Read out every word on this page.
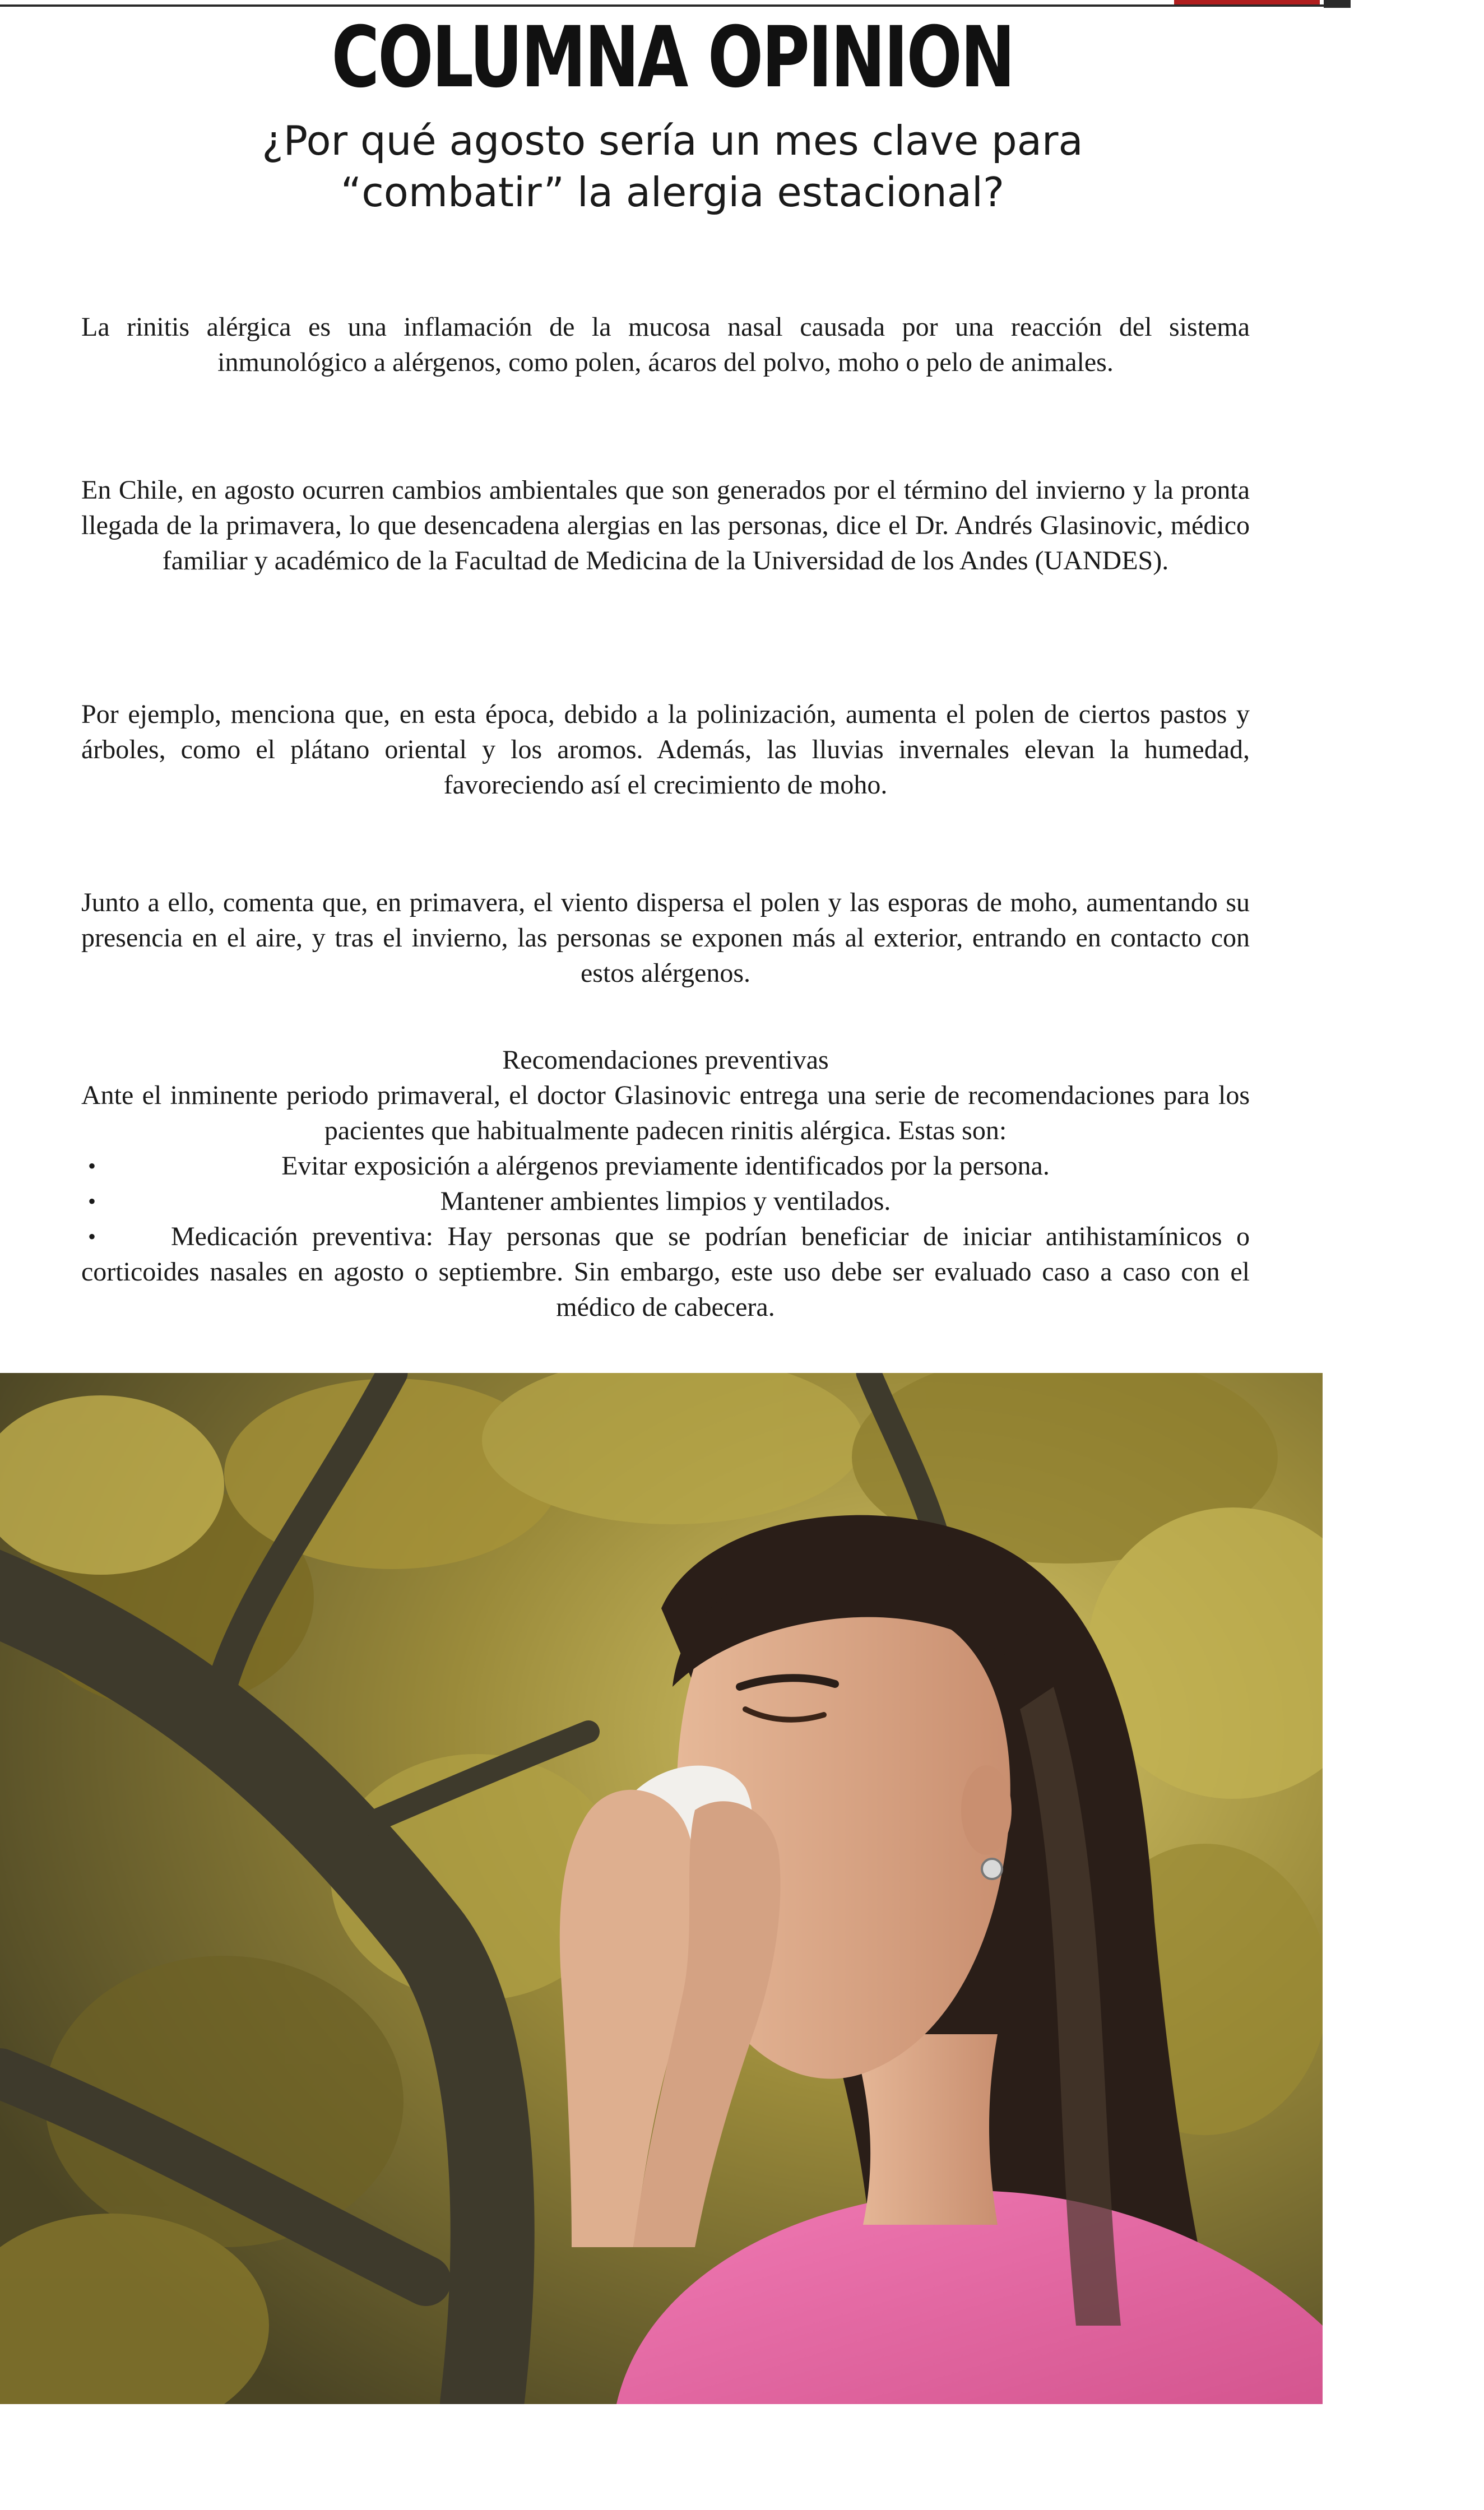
COLUMNA OPINION
¿Por qué agosto sería un mes clave para
“combatir” la alergia estacional?

La rinitis alérgica es una inflamación de la mucosa nasal causada por una reacción del sistema inmunológico a alérgenos, como polen, ácaros del polvo, moho o pelo de animales.

En Chile, en agosto ocurren cambios ambientales que son generados por el término del invierno y la pronta llegada de la primavera, lo que desencadena alergias en las personas, dice el Dr. Andrés Glasinovic, médico familiar y académico de la Facultad de Medicina de la Universidad de los Andes (UANDES).

Por ejemplo, menciona que, en esta época, debido a la polinización, aumenta el polen de ciertos pastos y árboles, como el plátano oriental y los aromos. Además, las lluvias invernales elevan la humedad, favoreciendo así el crecimiento de moho.

Junto a ello, comenta que, en primavera, el viento dispersa el polen y las esporas de moho, aumentando su presencia en el aire, y tras el invierno, las personas se exponen más al exterior, entrando en contacto con estos alérgenos.

Recomendaciones preventivas

Ante el inminente periodo primaveral, el doctor Glasinovic entrega una serie de recomendaciones para los pacientes que habitualmente padecen rinitis alérgica. Estas son:

•	Evitar exposición a alérgenos previamente identificados por la persona.
•	Mantener ambientes limpios y ventilados.
•	Medicación preventiva: Hay personas que se podrían beneficiar de iniciar antihistamínicos o corticoides nasales en agosto o septiembre. Sin embargo, este uso debe ser evaluado caso a caso con el médico de cabecera.
